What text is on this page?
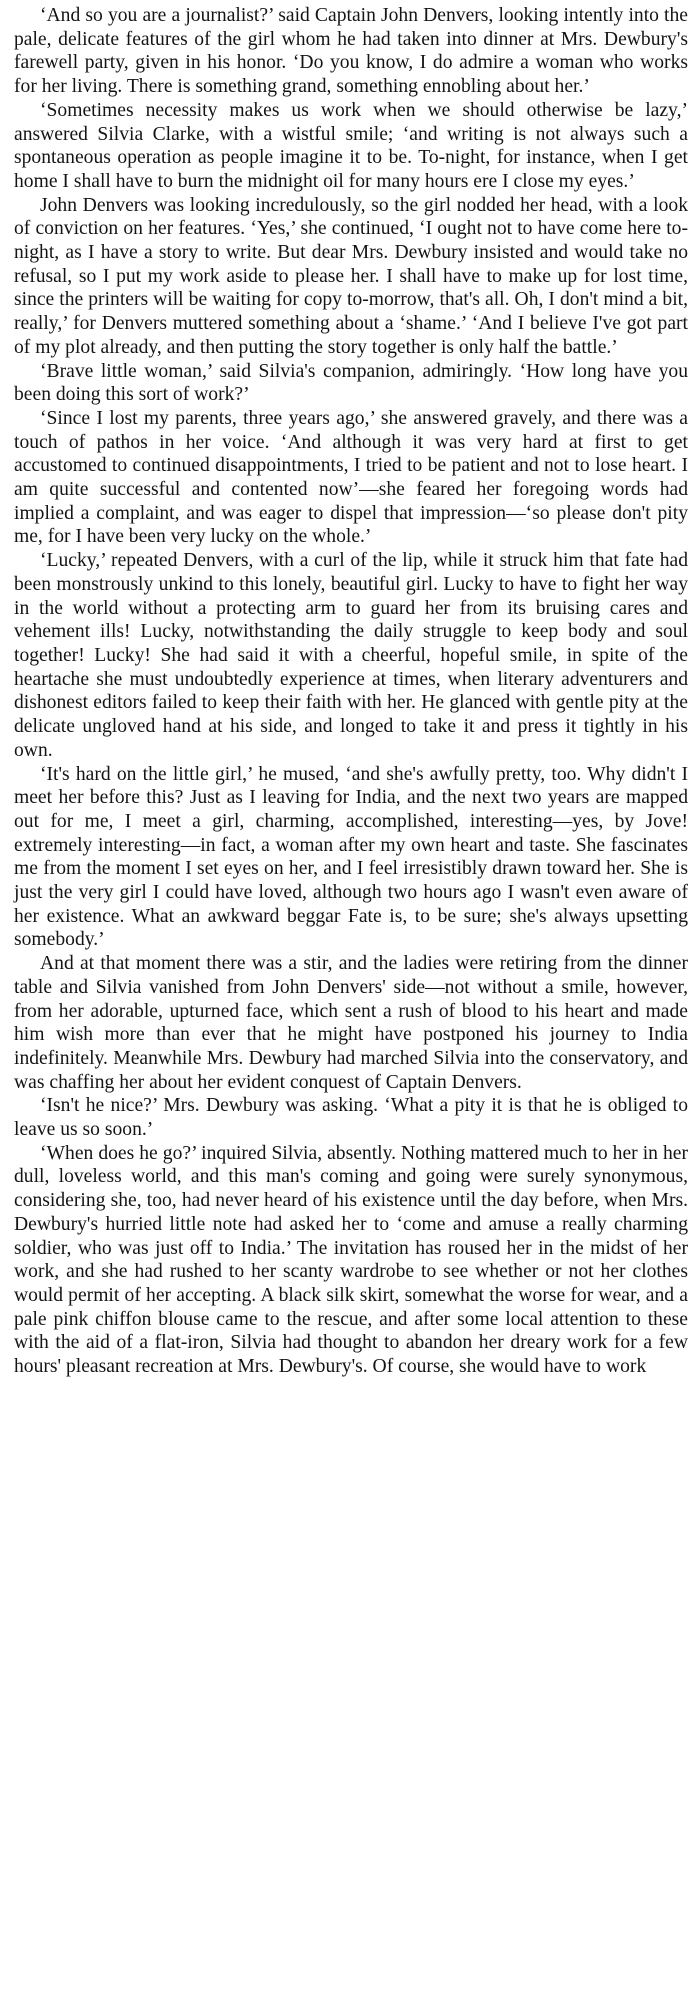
‘And so you are a journalist?’ said Captain John Denvers, looking intently into the pale, delicate features of the girl whom he had taken into dinner at Mrs. Dewbury's farewell party, given in his honor. ‘Do you know, I do admire a woman who works for her living. There is something grand, something ennobling about her.’

‘Sometimes necessity makes us work when we should otherwise be lazy,’ answered Silvia Clarke, with a wistful smile; ‘and writing is not always such a spontaneous operation as people imagine it to be. To-night, for instance, when I get home I shall have to burn the midnight oil for many hours ere I close my eyes.’

John Denvers was looking incredulously, so the girl nodded her head, with a look of conviction on her features. ‘Yes,’ she continued, ‘I ought not to have come here to-night, as I have a story to write. But dear Mrs. Dewbury insisted and would take no refusal, so I put my work aside to please her. I shall have to make up for lost time, since the printers will be waiting for copy to-morrow, that's all. Oh, I don't mind a bit, really,’ for Denvers muttered something about a ‘shame.’ ‘And I believe I've got part of my plot already, and then putting the story together is only half the battle.’

‘Brave little woman,’ said Silvia's companion, admiringly. ‘How long have you been doing this sort of work?’

‘Since I lost my parents, three years ago,’ she answered gravely, and there was a touch of pathos in her voice. ‘And although it was very hard at first to get accustomed to continued disappointments, I tried to be patient and not to lose heart. I am quite successful and contented now’—she feared her foregoing words had implied a complaint, and was eager to dispel that impression—‘so please don't pity me, for I have been very lucky on the whole.’

‘Lucky,’ repeated Denvers, with a curl of the lip, while it struck him that fate had been monstrously unkind to this lonely, beautiful girl. Lucky to have to fight her way in the world without a protecting arm to guard her from its bruising cares and vehement ills! Lucky, notwithstanding the daily struggle to keep body and soul together! Lucky! She had said it with a cheerful, hopeful smile, in spite of the heartache she must undoubtedly experience at times, when literary adventurers and dishonest editors failed to keep their faith with her. He glanced with gentle pity at the delicate ungloved hand at his side, and longed to take it and press it tightly in his own.

‘It's hard on the little girl,’ he mused, ‘and she's awfully pretty, too. Why didn't I meet her before this? Just as I leaving for India, and the next two years are mapped out for me, I meet a girl, charming, accomplished, interesting—yes, by Jove! extremely interesting—in fact, a woman after my own heart and taste. She fascinates me from the moment I set eyes on her, and I feel irresistibly drawn toward her. She is just the very girl I could have loved, although two hours ago I wasn't even aware of her existence. What an awkward beggar Fate is, to be sure; she's always upsetting somebody.’

And at that moment there was a stir, and the ladies were retiring from the dinner table and Silvia vanished from John Denvers' side—not without a smile, however, from her adorable, upturned face, which sent a rush of blood to his heart and made him wish more than ever that he might have postponed his journey to India indefinitely. Meanwhile Mrs. Dewbury had marched Silvia into the conservatory, and was chaffing her about her evident conquest of Captain Denvers.

‘Isn't he nice?’ Mrs. Dewbury was asking. ‘What a pity it is that he is obliged to leave us so soon.’

‘When does he go?’ inquired Silvia, absently. Nothing mattered much to her in her dull, loveless world, and this man's coming and going were surely synonymous, considering she, too, had never heard of his existence until the day before, when Mrs. Dewbury's hurried little note had asked her to ‘come and amuse a really charming soldier, who was just off to India.’ The invitation has roused her in the midst of her work, and she had rushed to her scanty wardrobe to see whether or not her clothes would permit of her accepting. A black silk skirt, somewhat the worse for wear, and a pale pink chiffon blouse came to the rescue, and after some local attention to these with the aid of a flat-iron, Silvia had thought to abandon her dreary work for a few hours' pleasant recreation at Mrs. Dewbury's. Of course, she would have to work
